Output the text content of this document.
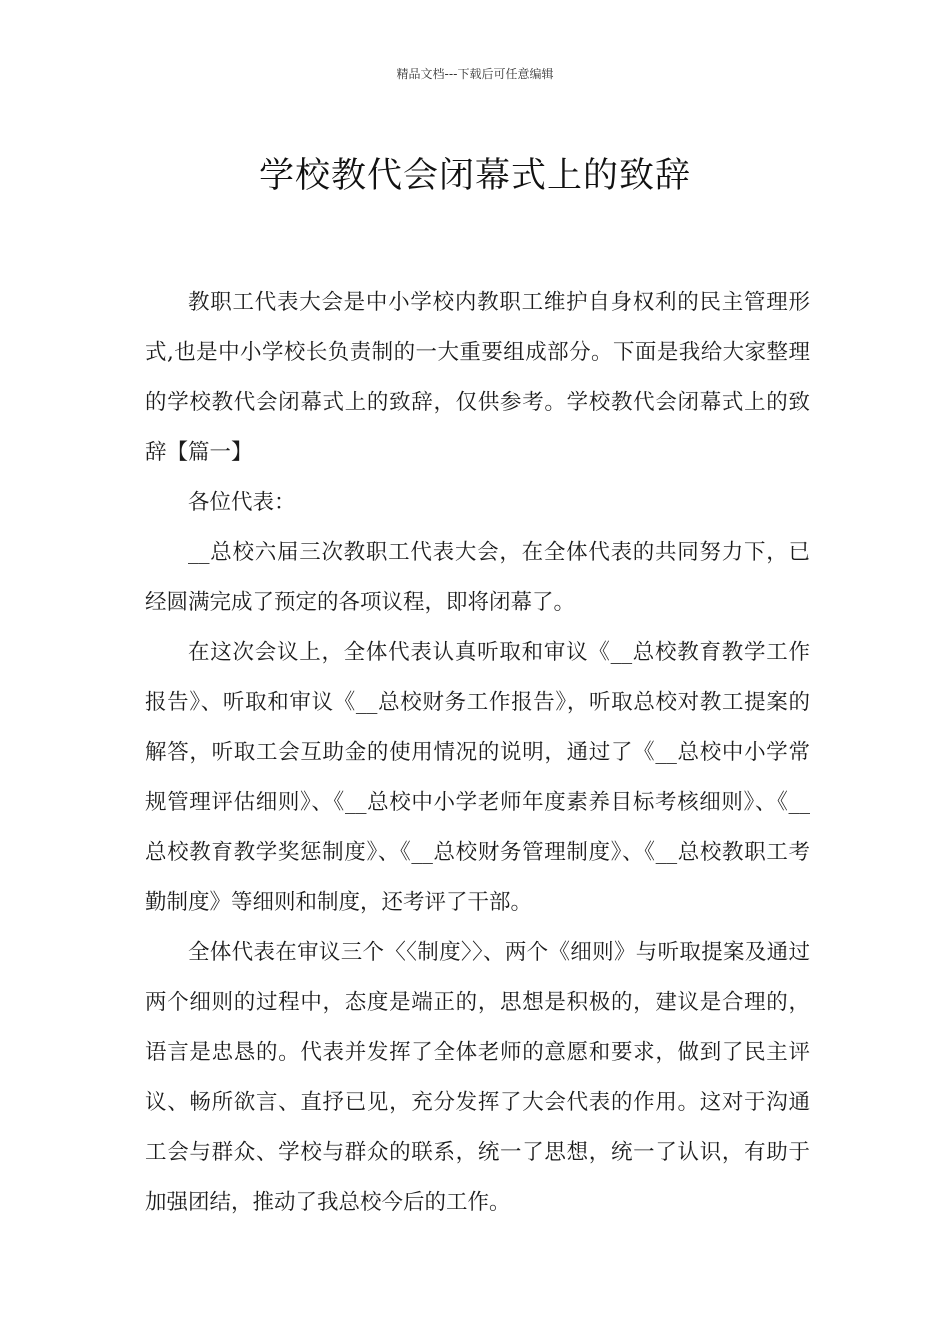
精品文档---下载后可任意编辑
学校教代会闭幕式上的致辞

教职工代表大会是中小学校内教职工维护自身权利的民主管理形式,也是中小学校长负责制的一大重要组成部分。下面是我给大家整理的学校教代会闭幕式上的致辞，仅供参考。学校教代会闭幕式上的致辞【篇一】

各位代表：

__总校六届三次教职工代表大会，在全体代表的共同努力下，已经圆满完成了预定的各项议程，即将闭幕了。

在这次会议上，全体代表认真听取和审议《__总校教育教学工作报告》、听取和审议《__总校财务工作报告》，听取总校对教工提案的解答，听取工会互助金的使用情况的说明，通过了《__总校中小学常规管理评估细则》、《__总校中小学老师年度素养目标考核细则》、《__总校教育教学奖惩制度》、《__总校财务管理制度》、《__总校教职工考勤制度》等细则和制度，还考评了干部。

全体代表在审议三个〈〈制度〉〉、两个《细则》与听取提案及通过两个细则的过程中，态度是端正的，思想是积极的，建议是合理的，语言是忠恳的。代表并发挥了全体老师的意愿和要求，做到了民主评议、畅所欲言、直抒已见，充分发挥了大会代表的作用。这对于沟通工会与群众、学校与群众的联系，统一了思想，统一了认识，有助于加强团结，推动了我总校今后的工作。
